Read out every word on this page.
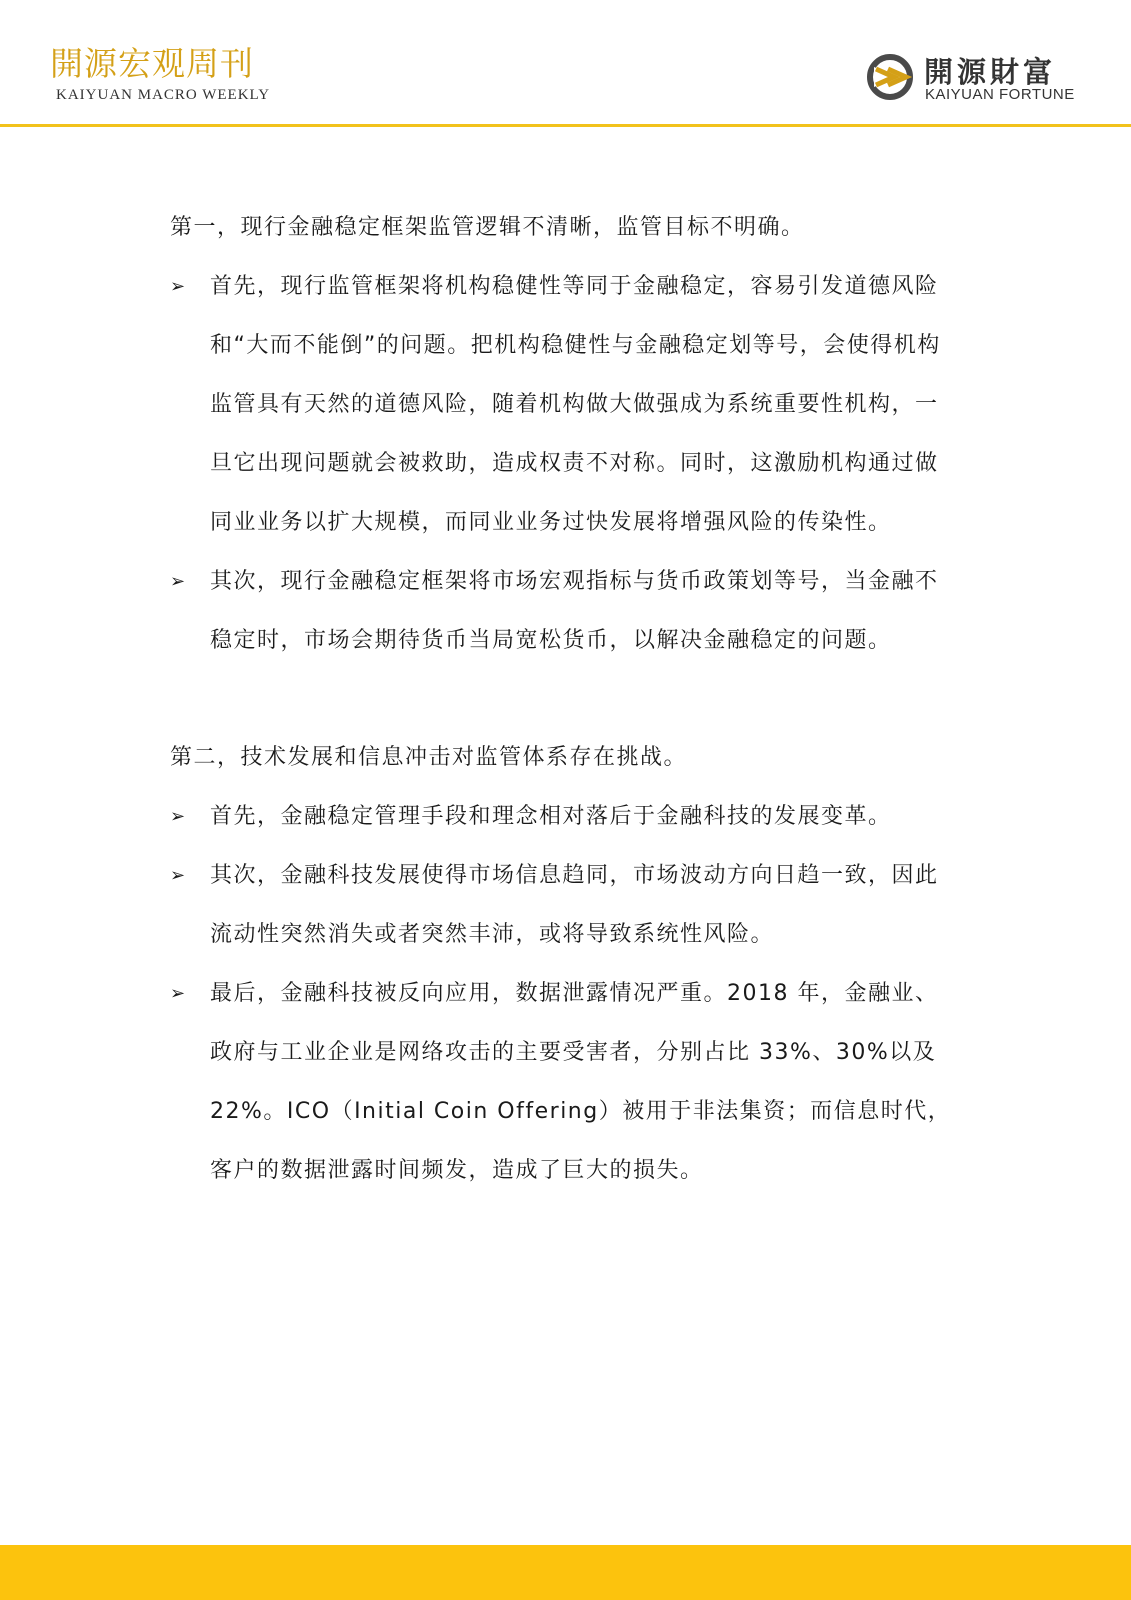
開源宏观周刊
KAIYUAN MACRO WEEKLY
開源財富
KAIYUAN FORTUNE

第一，现行金融稳定框架监管逻辑不清晰，监管目标不明确。

➢ 首先，现行监管框架将机构稳健性等同于金融稳定，容易引发道德风险和“大而不能倒”的问题。把机构稳健性与金融稳定划等号，会使得机构监管具有天然的道德风险，随着机构做大做强成为系统重要性机构，一旦它出现问题就会被救助，造成权责不对称。同时，这激励机构通过做同业业务以扩大规模，而同业业务过快发展将增强风险的传染性。
➢ 其次，现行金融稳定框架将市场宏观指标与货币政策划等号，当金融不稳定时，市场会期待货币当局宽松货币，以解决金融稳定的问题。

第二，技术发展和信息冲击对监管体系存在挑战。

➢ 首先，金融稳定管理手段和理念相对落后于金融科技的发展变革。
➢ 其次，金融科技发展使得市场信息趋同，市场波动方向日趋一致，因此流动性突然消失或者突然丰沛，或将导致系统性风险。
➢ 最后，金融科技被反向应用，数据泄露情况严重。2018 年，金融业、政府与工业企业是网络攻击的主要受害者，分别占比 33%、30%以及 22%。ICO（Initial Coin Offering）被用于非法集资；而信息时代，客户的数据泄露时间频发，造成了巨大的损失。
